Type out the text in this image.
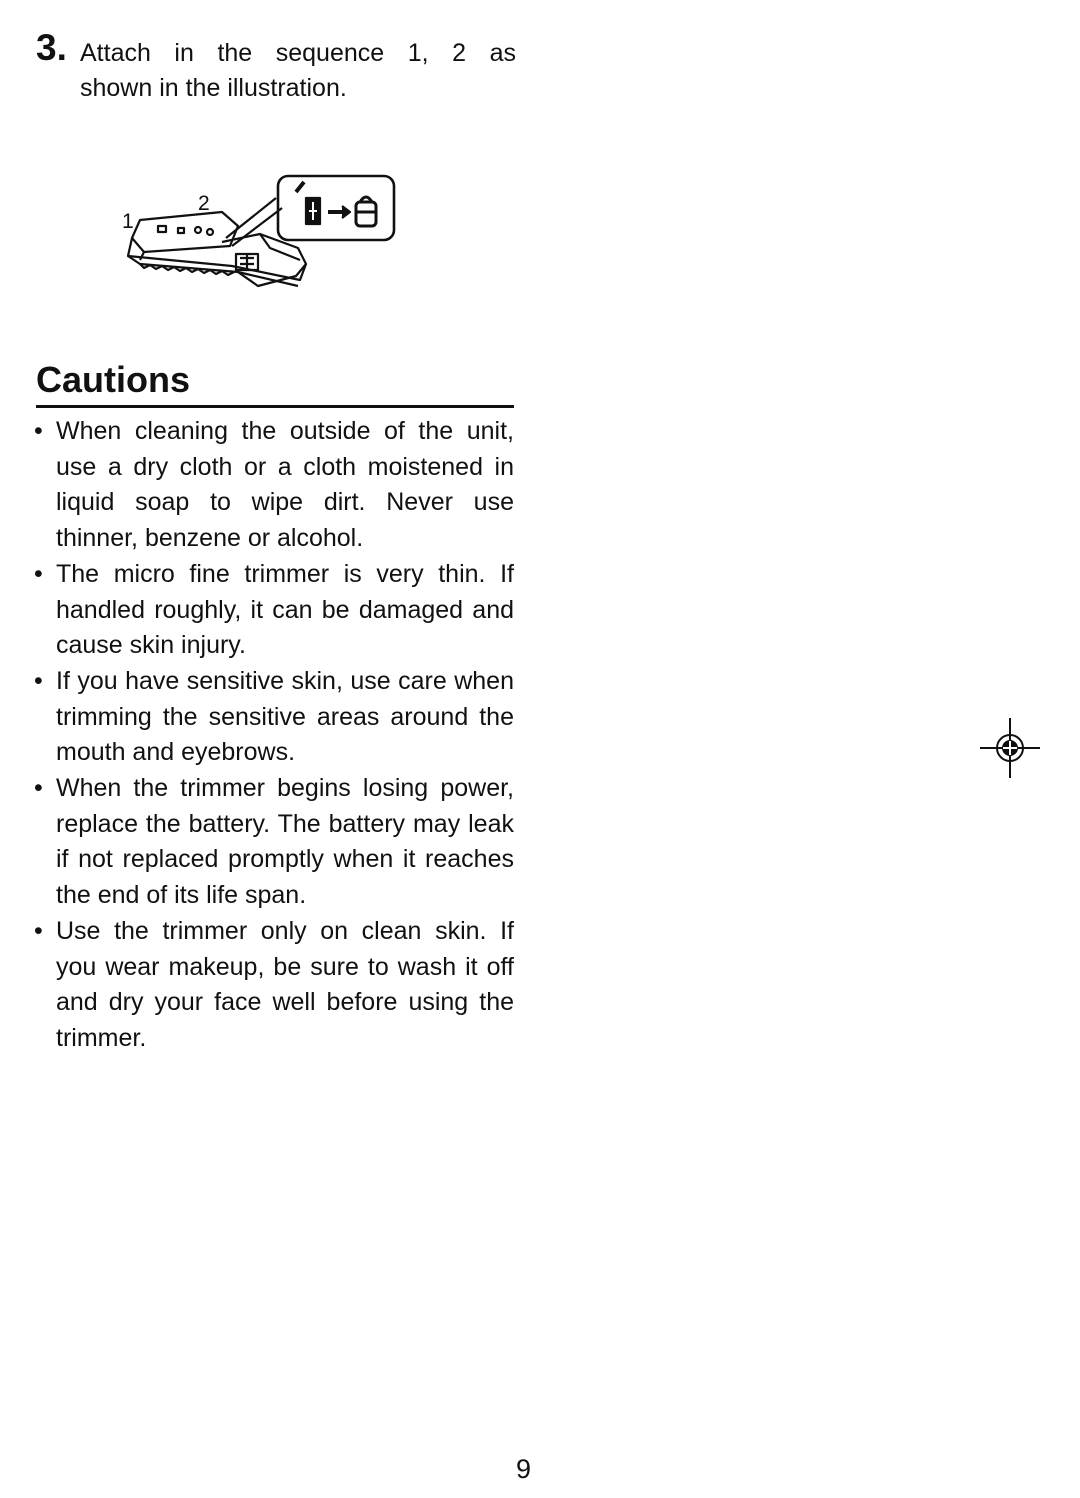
3. Attach in the sequence 1, 2 as
shown in the illustration.
1
2
Cautions
• When cleaning the outside of the unit, use a dry cloth or a cloth moistened in liquid soap to wipe dirt. Never use thinner, benzene or alcohol.
• The micro fine trimmer is very thin. If handled roughly, it can be damaged and cause skin injury.
• If you have sensitive skin, use care when trimming the sensitive areas around the mouth and eyebrows.
• When the trimmer begins losing power, replace the battery. The battery may leak if not replaced promptly when it reaches the end of its life span.
• Use the trimmer only on clean skin. If you wear makeup, be sure to wash it off and dry your face well before using the trimmer.
9
